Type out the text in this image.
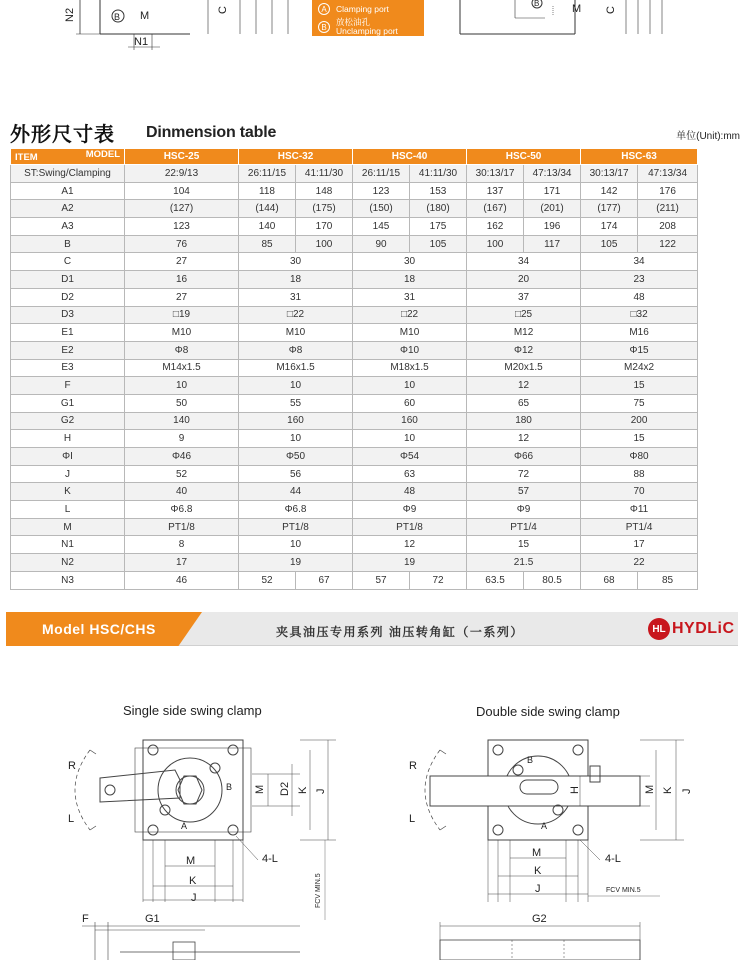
N2	B M
N1
C
B	M C
A	Clamping port
B	放松油孔
Unclamping port
外形尺寸表 Dinmension table	单位(Unit):mm
ITEM MODEL	HSC-25	HSC-32		HSC-40		HSC-50		HSC-63	
ST:Swing/Clamping	22:9/13	26:11/15	41:11/30	26:11/15	41:11/30	30:13/17	47:13/34	30:13/17	47:13/34
A1	104	118	148	123	153	137	171	142	176
A2	(127)	(144)	(175)	(150)	(180)	(167)	(201)	(177)	(211)
A3	123	140	170	145	175	162	196	174	208
B	76	85	100	90	105	100	117	105	122
C	27	30		30		34		34	
D1	16	18		18		20		23	
D2	27	31		31		37		48	
D3	□19	□22		□22		□25		□32	
E1	M10	M10		M10		M12		M16	
E2	Φ8	Φ8		Φ10		Φ12		Φ15	
E3	M14x1.5	M16x1.5		M18x1.5		M20x1.5		M24x2	
F	10	10		10		12		15	
G1	50	55		60		65		75	
G2	140	160		160		180		200	
H	9	10		10		12		15	
ΦI	Φ46	Φ50		Φ54		Φ66		Φ80	
J	52	56		63		72		88	
K	40	44		48		57		70	
L	Φ6.8	Φ6.8		Φ9		Φ9		Φ11	
M	PT1/8	PT1/8		PT1/8		PT1/4		PT1/4	
N1	8	10		12		15		17	
N2	17	19		19		21.5		22	
N3	46	52	67	57	72	63.5	80.5	68	85
Model HSC/CHS	夹具油压专用系列 油压转角缸（一系列）	HL HYDLiC
Single side swing clamp	Double side swing clamp
R
L
B
A
M D2 K J
M
K
J
4-L
FCV MIN.5
F	G1
R
L
B
A
H	M K J
M
K
J
4-L
FCV MIN.5
G2
